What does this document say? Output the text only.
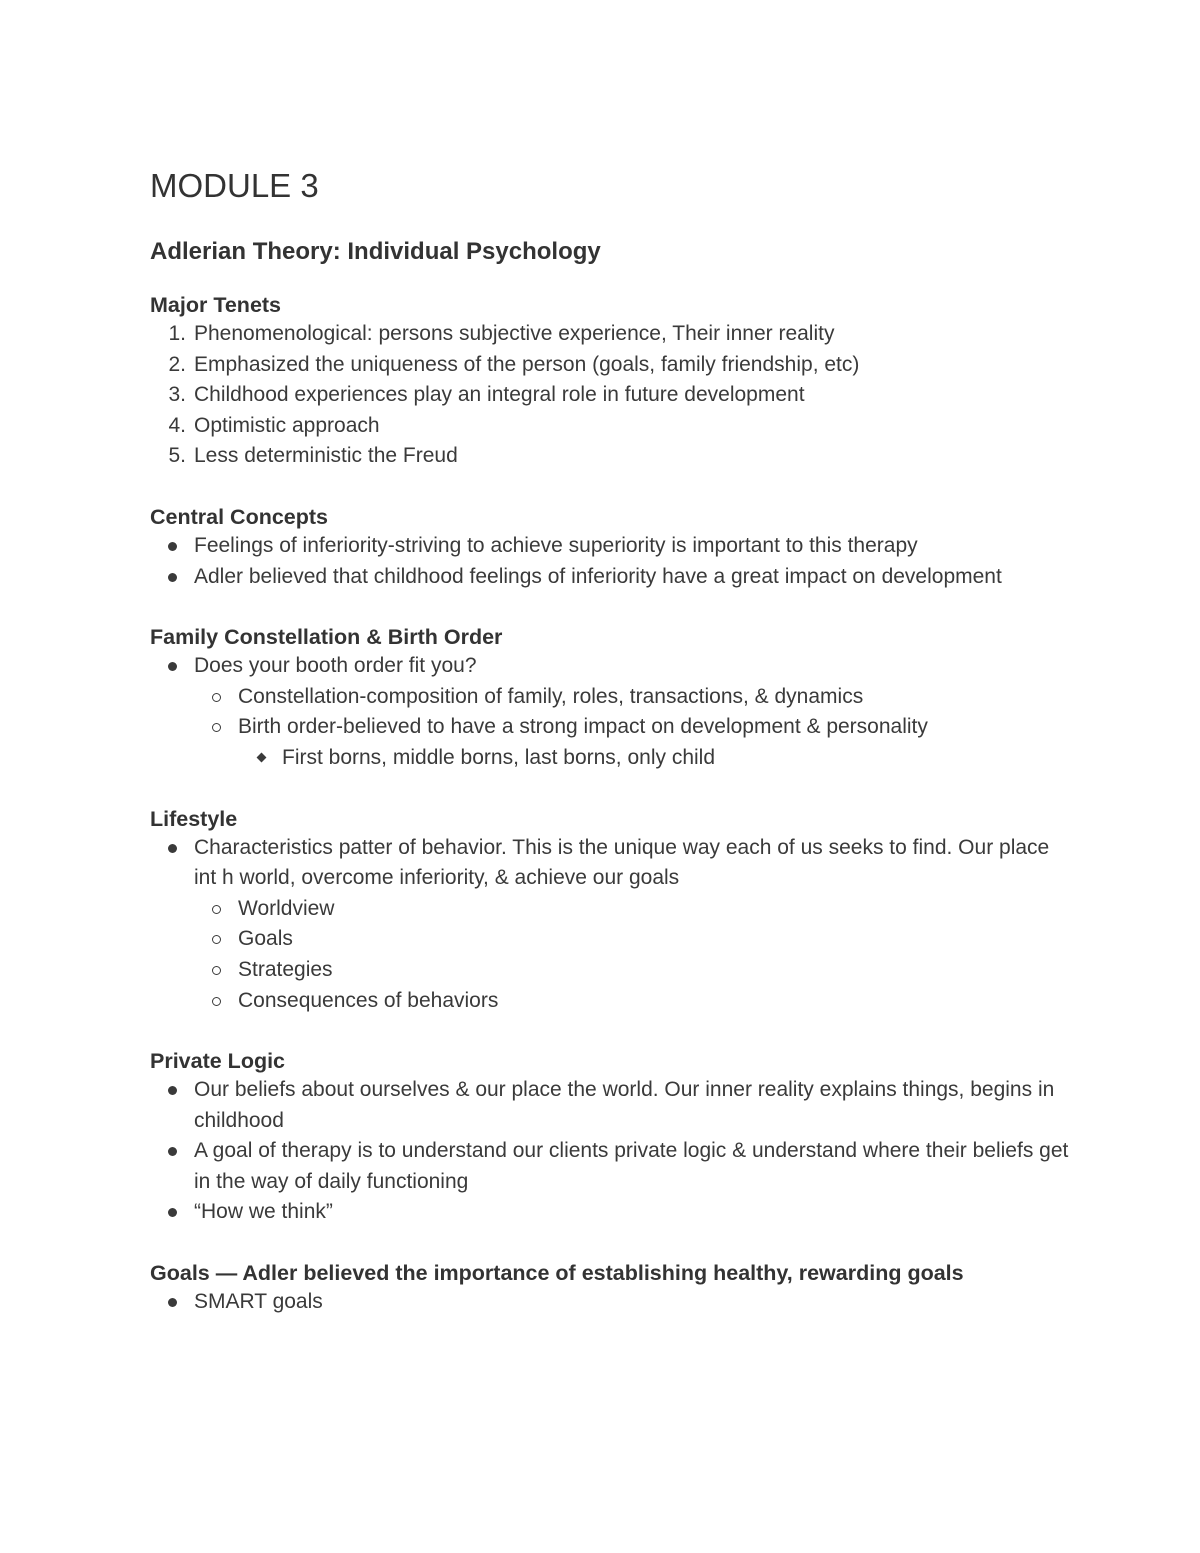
MODULE 3
Adlerian Theory: Individual Psychology

Major Tenets

1. Phenomenological: persons subjective experience, Their inner reality
2. Emphasized the uniqueness of the person (goals, family friendship, etc)
3. Childhood experiences play an integral role in future development
4. Optimistic approach
5. Less deterministic the Freud

Central Concepts

Feelings of inferiority-striving to achieve superiority is important to this therapy
Adler believed that childhood feelings of inferiority have a great impact on development

Family Constellation & Birth Order

Does your booth order fit you?
Constellation-composition of family, roles, transactions, & dynamics
Birth order-believed to have a strong impact on development & personality
First borns, middle borns, last borns, only child

Lifestyle

Characteristics patter of behavior. This is the unique way each of us seeks to find. Our place int h world, overcome inferiority, & achieve our goals
Worldview
Goals
Strategies
Consequences of behaviors

Private Logic

Our beliefs about ourselves & our place the world. Our inner reality explains things, begins in childhood
A goal of therapy is to understand our clients private logic & understand where their beliefs get in the way of daily functioning
“How we think”

Goals — Adler believed the importance of establishing healthy, rewarding goals

SMART goals
